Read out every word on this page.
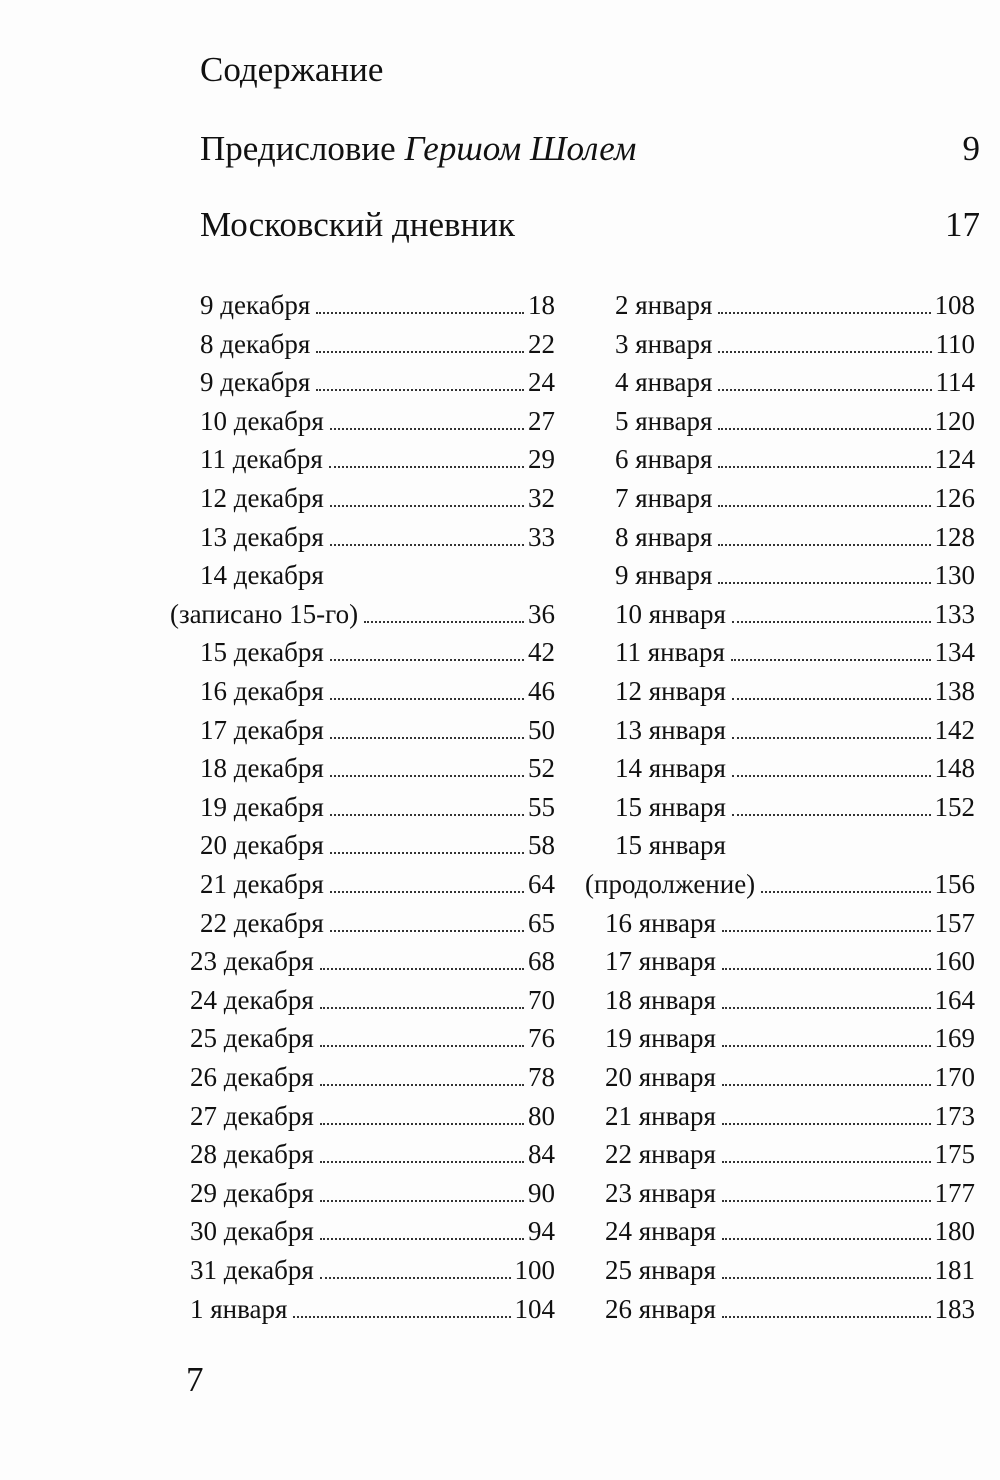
Содержание
Предисловие Гершом Шолем	9
Московский дневник	17
9 декабря	18
8 декабря	22
9 декабря	24
10 декабря	27
11 декабря	29
12 декабря	32
13 декабря	33
14 декабря
(записано 15-го)	36
15 декабря	42
16 декабря	46
17 декабря	50
18 декабря	52
19 декабря	55
20 декабря	58
21 декабря	64
22 декабря	65
23 декабря	68
24 декабря	70
25 декабря	76
26 декабря	78
27 декабря	80
28 декабря	84
29 декабря	90
30 декабря	94
31 декабря	100
1 января	104
2 января	108
3 января	110
4 января	114
5 января	120
6 января	124
7 января	126
8 января	128
9 января	130
10 января	133
11 января	134
12 января	138
13 января	142
14 января	148
15 января	152
15 января
(продолжение)	156
16 января	157
17 января	160
18 января	164
19 января	169
20 января	170
21 января	173
22 января	175
23 января	177
24 января	180
25 января	181
26 января	183
7
